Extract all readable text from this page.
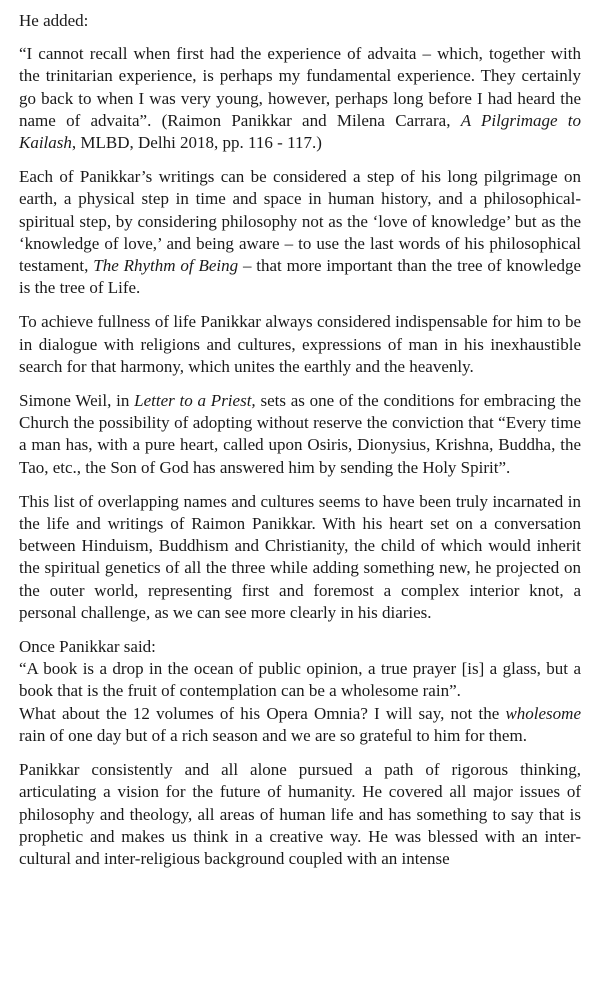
He added:

“I cannot recall when first had the experience of advaita – which, together with the trinitarian experience, is perhaps my fundamental experience. They certainly go back to when I was very young, however, perhaps long before I had heard the name of advaita”. (Raimon Panikkar and Milena Carrara, A Pilgrimage to Kailash, MLBD, Delhi 2018, pp. 116 - 117.)

Each of Panikkar’s writings can be considered a step of his long pilgrimage on earth, a physical step in time and space in human history, and a philosophical-spiritual step, by considering philosophy not as the ‘love of knowledge’ but as the ‘knowledge of love,’ and being aware – to use the last words of his philosophical testament, The Rhythm of Being – that more important than the tree of knowledge is the tree of Life.

To achieve fullness of life Panikkar always considered indispensable for him to be in dialogue with religions and cultures, expressions of man in his inexhaustible search for that harmony, which unites the earthly and the heavenly.

Simone Weil, in Letter to a Priest, sets as one of the conditions for embracing the Church the possibility of adopting without reserve the conviction that “Every time a man has, with a pure heart, called upon Osiris, Dionysius, Krishna, Buddha, the Tao, etc., the Son of God has answered him by sending the Holy Spirit”.

This list of overlapping names and cultures seems to have been truly incarnated in the life and writings of Raimon Panikkar. With his heart set on a conversation between Hinduism, Buddhism and Christianity, the child of which would inherit the spiritual genetics of all the three while adding something new, he projected on the outer world, representing first and foremost a complex interior knot, a personal challenge, as we can see more clearly in his diaries.

Once Panikkar said:

“A book is a drop in the ocean of public opinion, a true prayer [is] a glass, but a book that is the fruit of contemplation can be a wholesome rain”.

What about the 12 volumes of his Opera Omnia? I will say, not the wholesome rain of one day but of a rich season and we are so grateful to him for them.

Panikkar consistently and all alone pursued a path of rigorous thinking, articulating a vision for the future of humanity. He covered all major issues of philosophy and theology, all areas of human life and has something to say that is prophetic and makes us think in a creative way. He was blessed with an inter-cultural and inter-religious background coupled with an intense
